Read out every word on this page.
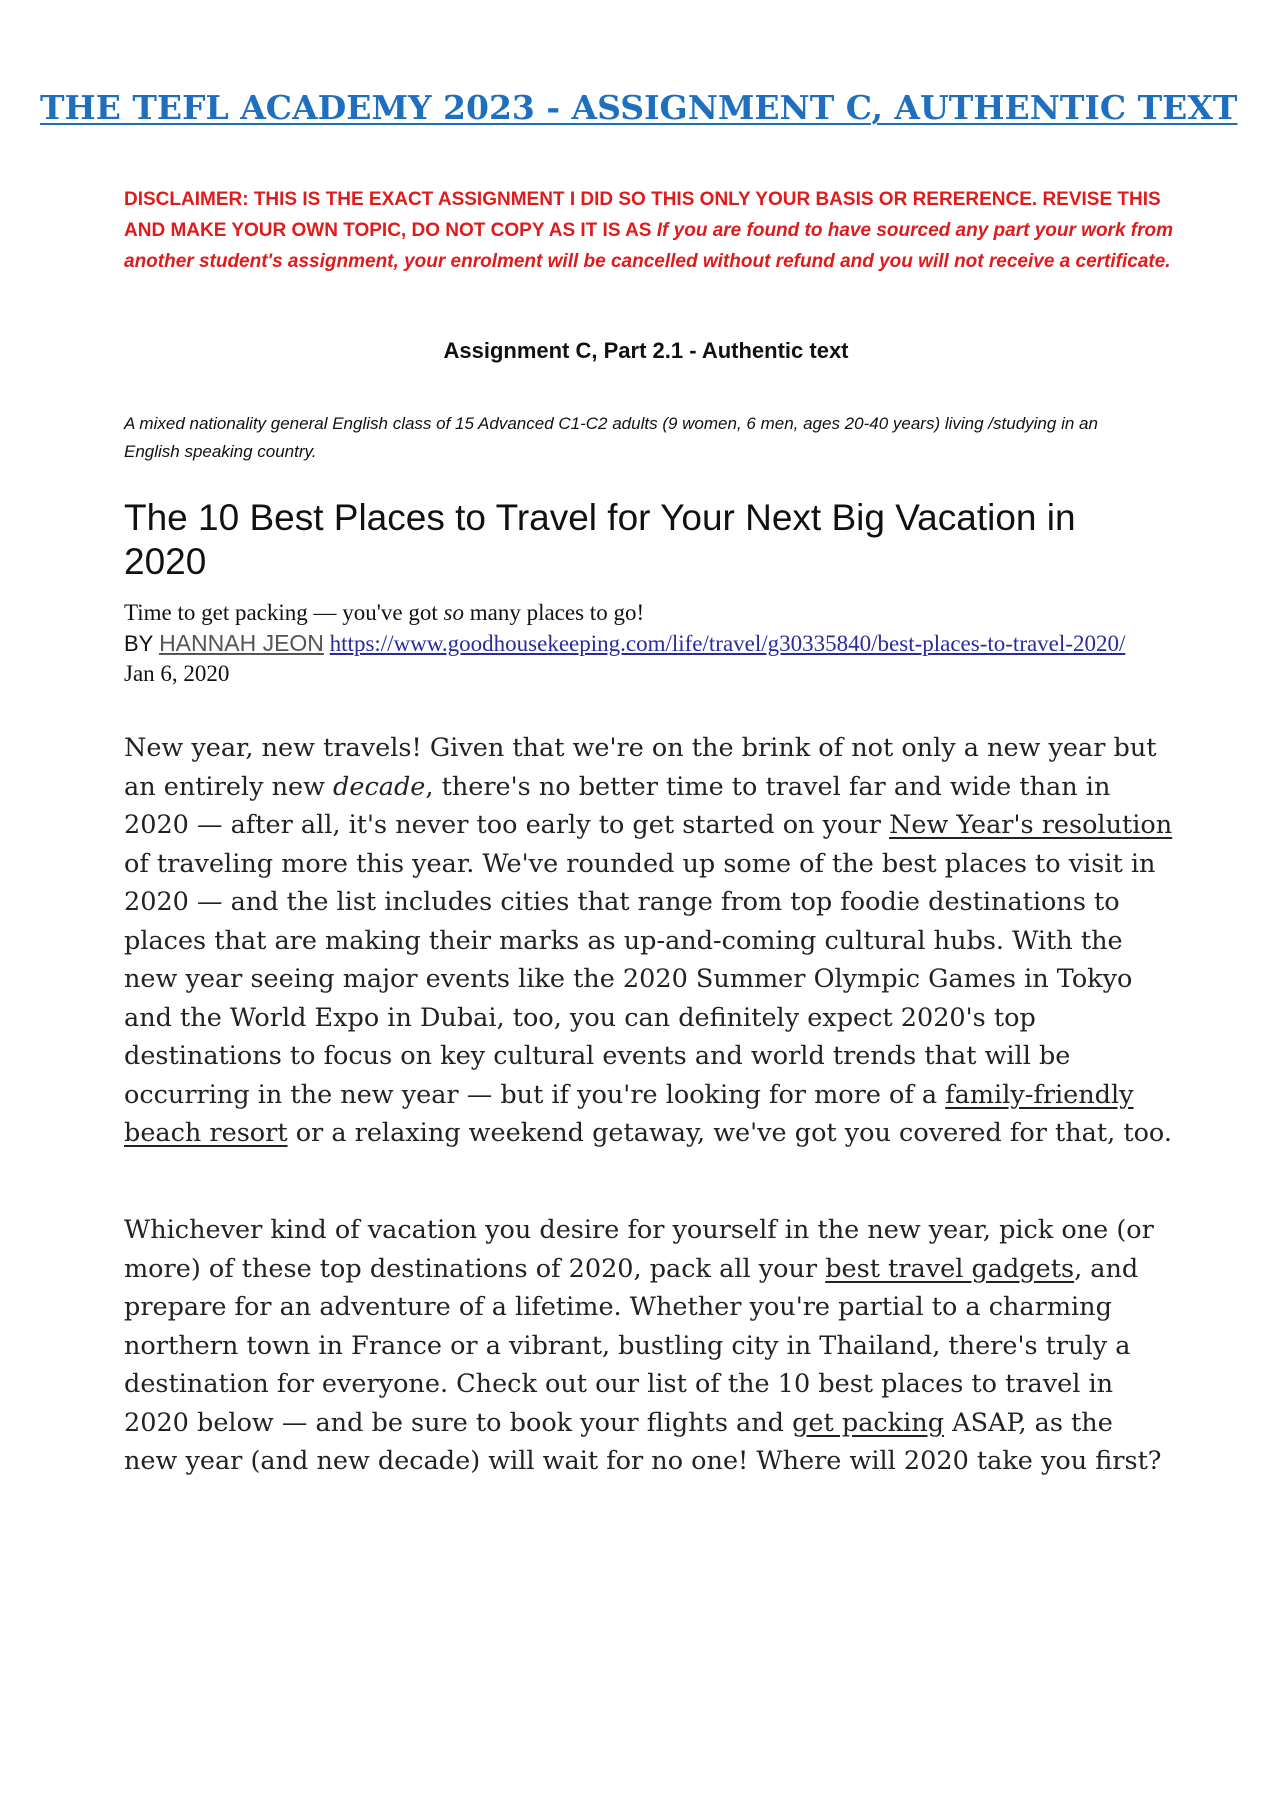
THE TEFL ACADEMY 2023 - ASSIGNMENT C, AUTHENTIC TEXT

DISCLAIMER: THIS IS THE EXACT ASSIGNMENT I DID SO THIS ONLY YOUR BASIS OR RERERENCE. REVISE THIS AND MAKE YOUR OWN TOPIC, DO NOT COPY AS IT IS AS If you are found to have sourced any part your work from another student's assignment, your enrolment will be cancelled without refund and you will not receive a certificate.

Assignment C, Part 2.1 - Authentic text

A mixed nationality general English class of 15 Advanced C1-C2 adults (9 women, 6 men, ages 20-40 years) living /studying in an English speaking country.

The 10 Best Places to Travel for Your Next Big Vacation in 2020
Time to get packing — you've got so many places to go!
BY HANNAH JEON https://www.goodhousekeeping.com/life/travel/g30335840/best-places-to-travel-2020/
Jan 6, 2020

New year, new travels! Given that we're on the brink of not only a new year but an entirely new decade, there's no better time to travel far and wide than in 2020 — after all, it's never too early to get started on your New Year's resolution of traveling more this year. We've rounded up some of the best places to visit in 2020 — and the list includes cities that range from top foodie destinations to places that are making their marks as up-and-coming cultural hubs. With the new year seeing major events like the 2020 Summer Olympic Games in Tokyo and the World Expo in Dubai, too, you can definitely expect 2020's top destinations to focus on key cultural events and world trends that will be occurring in the new year — but if you're looking for more of a family-friendly beach resort or a relaxing weekend getaway, we've got you covered for that, too.

Whichever kind of vacation you desire for yourself in the new year, pick one (or more) of these top destinations of 2020, pack all your best travel gadgets, and prepare for an adventure of a lifetime. Whether you're partial to a charming northern town in France or a vibrant, bustling city in Thailand, there's truly a destination for everyone. Check out our list of the 10 best places to travel in 2020 below — and be sure to book your flights and get packing ASAP, as the new year (and new decade) will wait for no one! Where will 2020 take you first?
